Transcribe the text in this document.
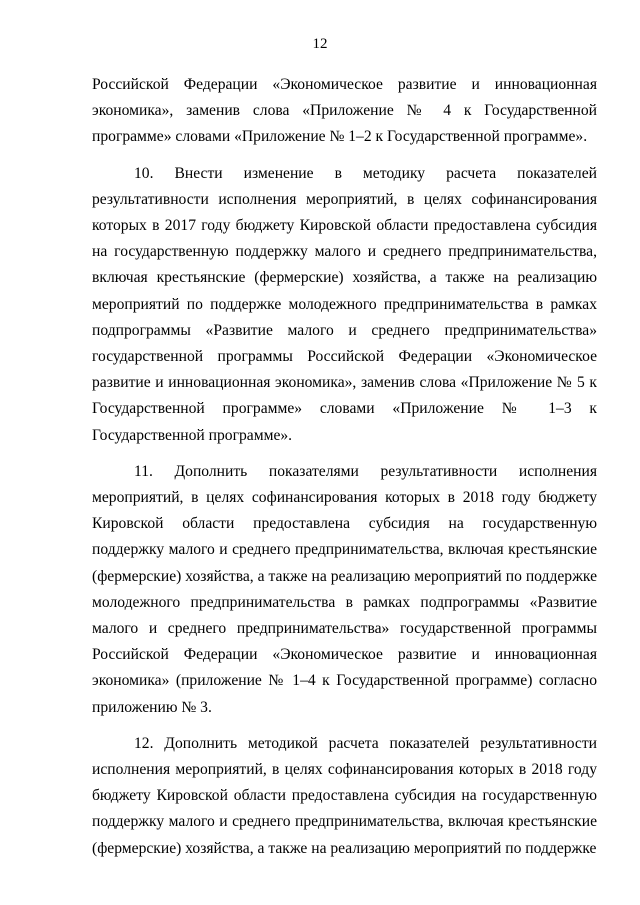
12

Российской Федерации «Экономическое развитие и инновационная экономика», заменив слова «Приложение № 4 к Государственной программе» словами «Приложение № 1–2 к Государственной программе».

10. Внести изменение в методику расчета показателей результативности исполнения мероприятий, в целях софинансирования которых в 2017 году бюджету Кировской области предоставлена субсидия на государственную поддержку малого и среднего предпринимательства, включая крестьянские (фермерские) хозяйства, а также на реализацию мероприятий по поддержке молодежного предпринимательства в рамках подпрограммы «Развитие малого и среднего предпринимательства» государственной программы Российской Федерации «Экономическое развитие и инновационная экономика», заменив слова «Приложение № 5 к Государственной программе» словами «Приложение № 1–3 к Государственной программе».

11. Дополнить показателями результативности исполнения мероприятий, в целях софинансирования которых в 2018 году бюджету Кировской области предоставлена субсидия на государственную поддержку малого и среднего предпринимательства, включая крестьянские (фермерские) хозяйства, а также на реализацию мероприятий по поддержке молодежного предпринимательства в рамках подпрограммы «Развитие малого и среднего предпринимательства» государственной программы Российской Федерации «Экономическое развитие и инновационная экономика» (приложение № 1–4 к Государственной программе) согласно приложению № 3.

12. Дополнить методикой расчета показателей результативности исполнения мероприятий, в целях софинансирования которых в 2018 году бюджету Кировской области предоставлена субсидия на государственную поддержку малого и среднего предпринимательства, включая крестьянские (фермерские) хозяйства, а также на реализацию мероприятий по поддержке
